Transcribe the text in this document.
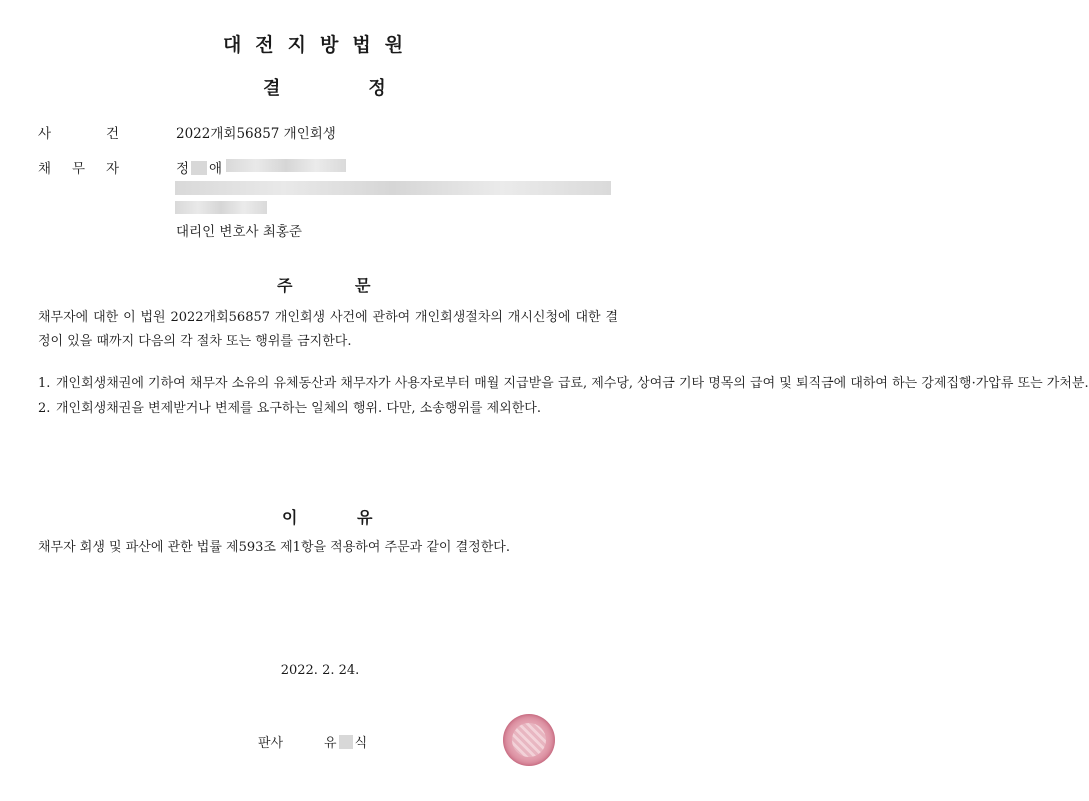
대전지방법원
결	정
사	건	2022개회56857 개인회생
채 무 자	정 애
대리인 변호사 최홍준
주	문
채무자에 대한 이 법원 2022개회56857 개인회생 사건에 관하여 개인회생절차의 개시신청에 대한 결정이 있을 때까지 다음의 각 절차 또는 행위를 금지한다.
1. 개인회생채권에 기하여 채무자 소유의 유체동산과 채무자가 사용자로부터 매월 지급받을 급료, 제수당, 상여금 기타 명목의 급여 및 퇴직금에 대하여 하는 강제집행·가압류 또는 가처분.
2. 개인회생채권을 변제받거나 변제를 요구하는 일체의 행위. 다만, 소송행위를 제외한다.
이	유
채무자 회생 및 파산에 관한 법률 제593조 제1항을 적용하여 주문과 같이 결정한다.
2022. 2. 24.
판사	유 식
